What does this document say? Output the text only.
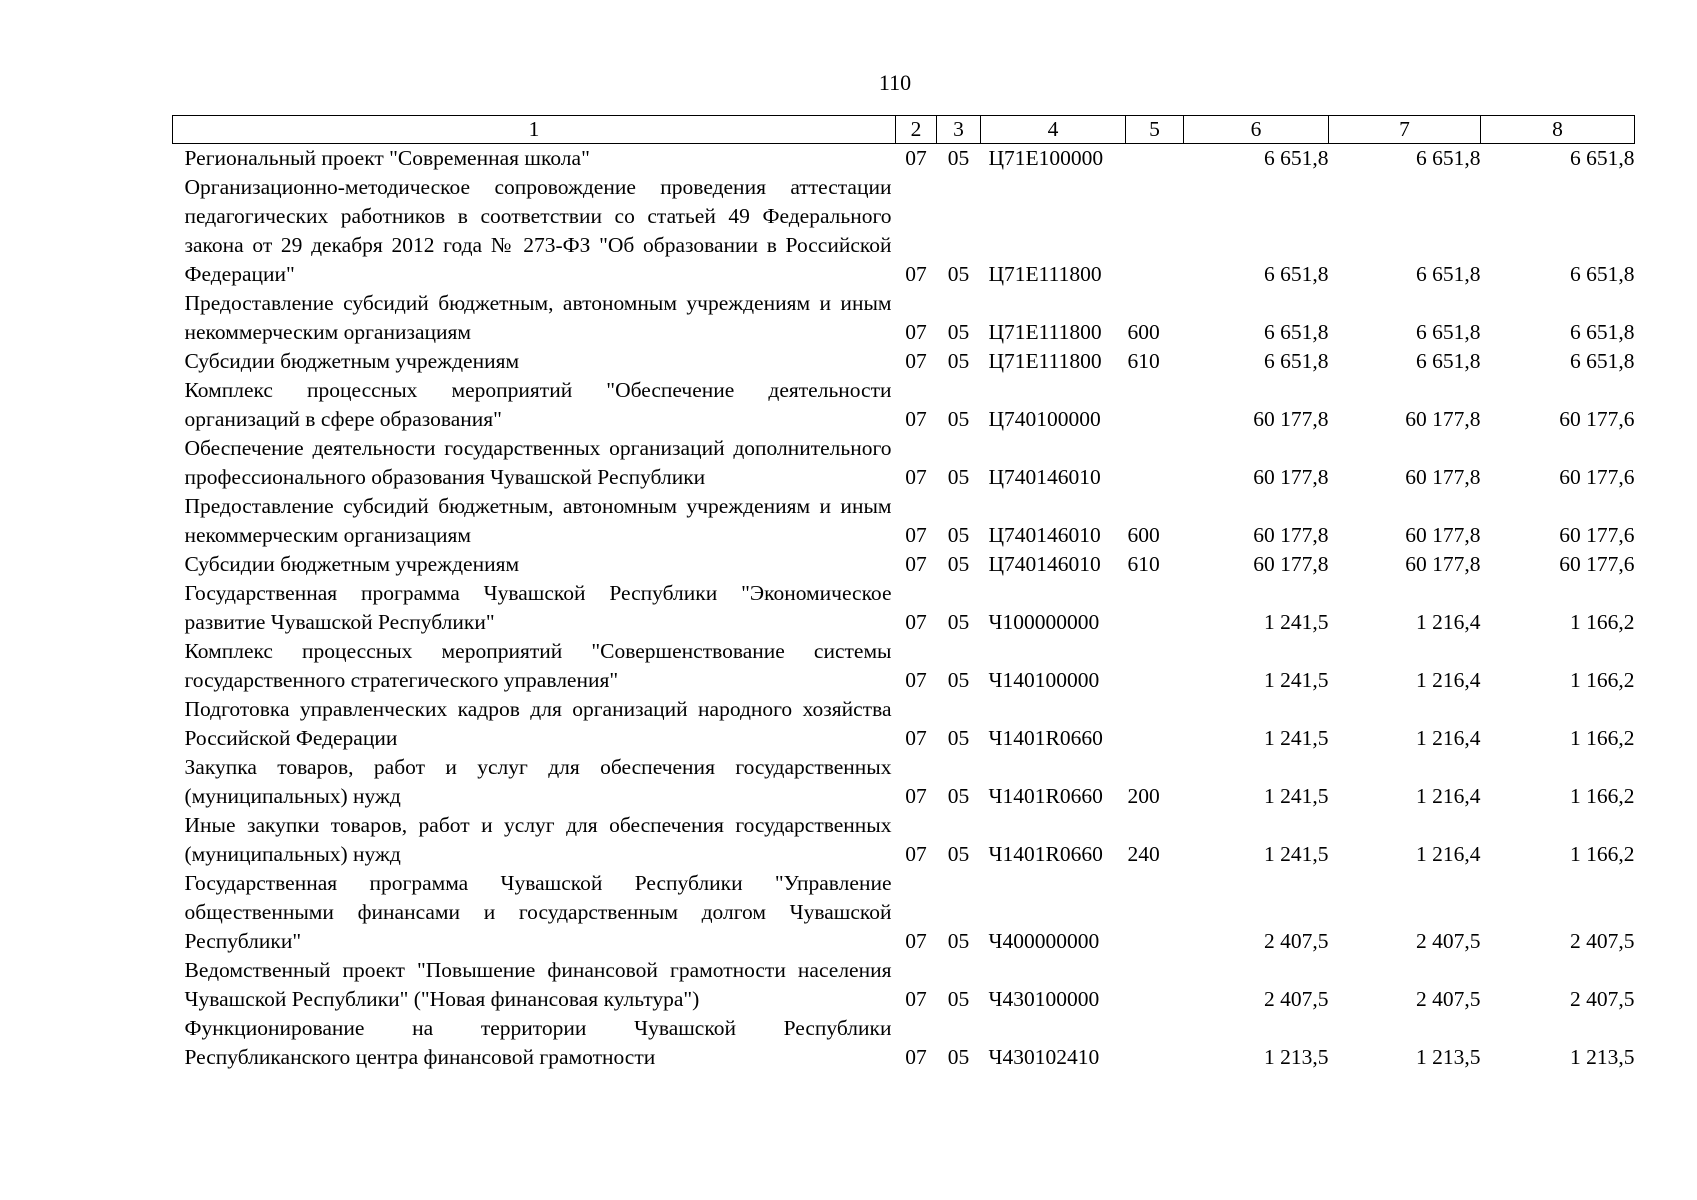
110
1	2	3	4	5	6	7	8
Региональный проект "Современная школа"	07	05	Ц71Е100000		6 651,8	6 651,8	6 651,8
Организационно-методическое сопровождение проведения аттестации педагогических работников в соответствии со статьей 49 Федерального закона от 29 декабря 2012 года № 273-ФЗ "Об образовании в Российской Федерации"	07	05	Ц71Е111800		6 651,8	6 651,8	6 651,8
Предоставление субсидий бюджетным, автономным учреждениям и иным некоммерческим организациям	07	05	Ц71Е111800	600	6 651,8	6 651,8	6 651,8
Субсидии бюджетным учреждениям	07	05	Ц71Е111800	610	6 651,8	6 651,8	6 651,8
Комплекс процессных мероприятий "Обеспечение деятельности организаций в сфере образования"	07	05	Ц740100000		60 177,8	60 177,8	60 177,6
Обеспечение деятельности государственных организаций дополнительного профессионального образования Чувашской Республики	07	05	Ц740146010		60 177,8	60 177,8	60 177,6
Предоставление субсидий бюджетным, автономным учреждениям и иным некоммерческим организациям	07	05	Ц740146010	600	60 177,8	60 177,8	60 177,6
Субсидии бюджетным учреждениям	07	05	Ц740146010	610	60 177,8	60 177,8	60 177,6
Государственная программа Чувашской Республики "Экономическое развитие Чувашской Республики"	07	05	Ч100000000		1 241,5	1 216,4	1 166,2
Комплекс процессных мероприятий "Совершенствование системы государственного стратегического управления"	07	05	Ч140100000		1 241,5	1 216,4	1 166,2
Подготовка управленческих кадров для организаций народного хозяйства Российской Федерации	07	05	Ч1401R0660		1 241,5	1 216,4	1 166,2
Закупка товаров, работ и услуг для обеспечения государственных (муниципальных) нужд	07	05	Ч1401R0660	200	1 241,5	1 216,4	1 166,2
Иные закупки товаров, работ и услуг для обеспечения государственных (муниципальных) нужд	07	05	Ч1401R0660	240	1 241,5	1 216,4	1 166,2
Государственная программа Чувашской Республики "Управление общественными финансами и государственным долгом Чувашской Республики"	07	05	Ч400000000		2 407,5	2 407,5	2 407,5
Ведомственный проект "Повышение финансовой грамотности населения Чувашской Республики" ("Новая финансовая культура")	07	05	Ч430100000		2 407,5	2 407,5	2 407,5
Функционирование на территории Чувашской Республики Республиканского центра финансовой грамотности	07	05	Ч430102410		1 213,5	1 213,5	1 213,5
